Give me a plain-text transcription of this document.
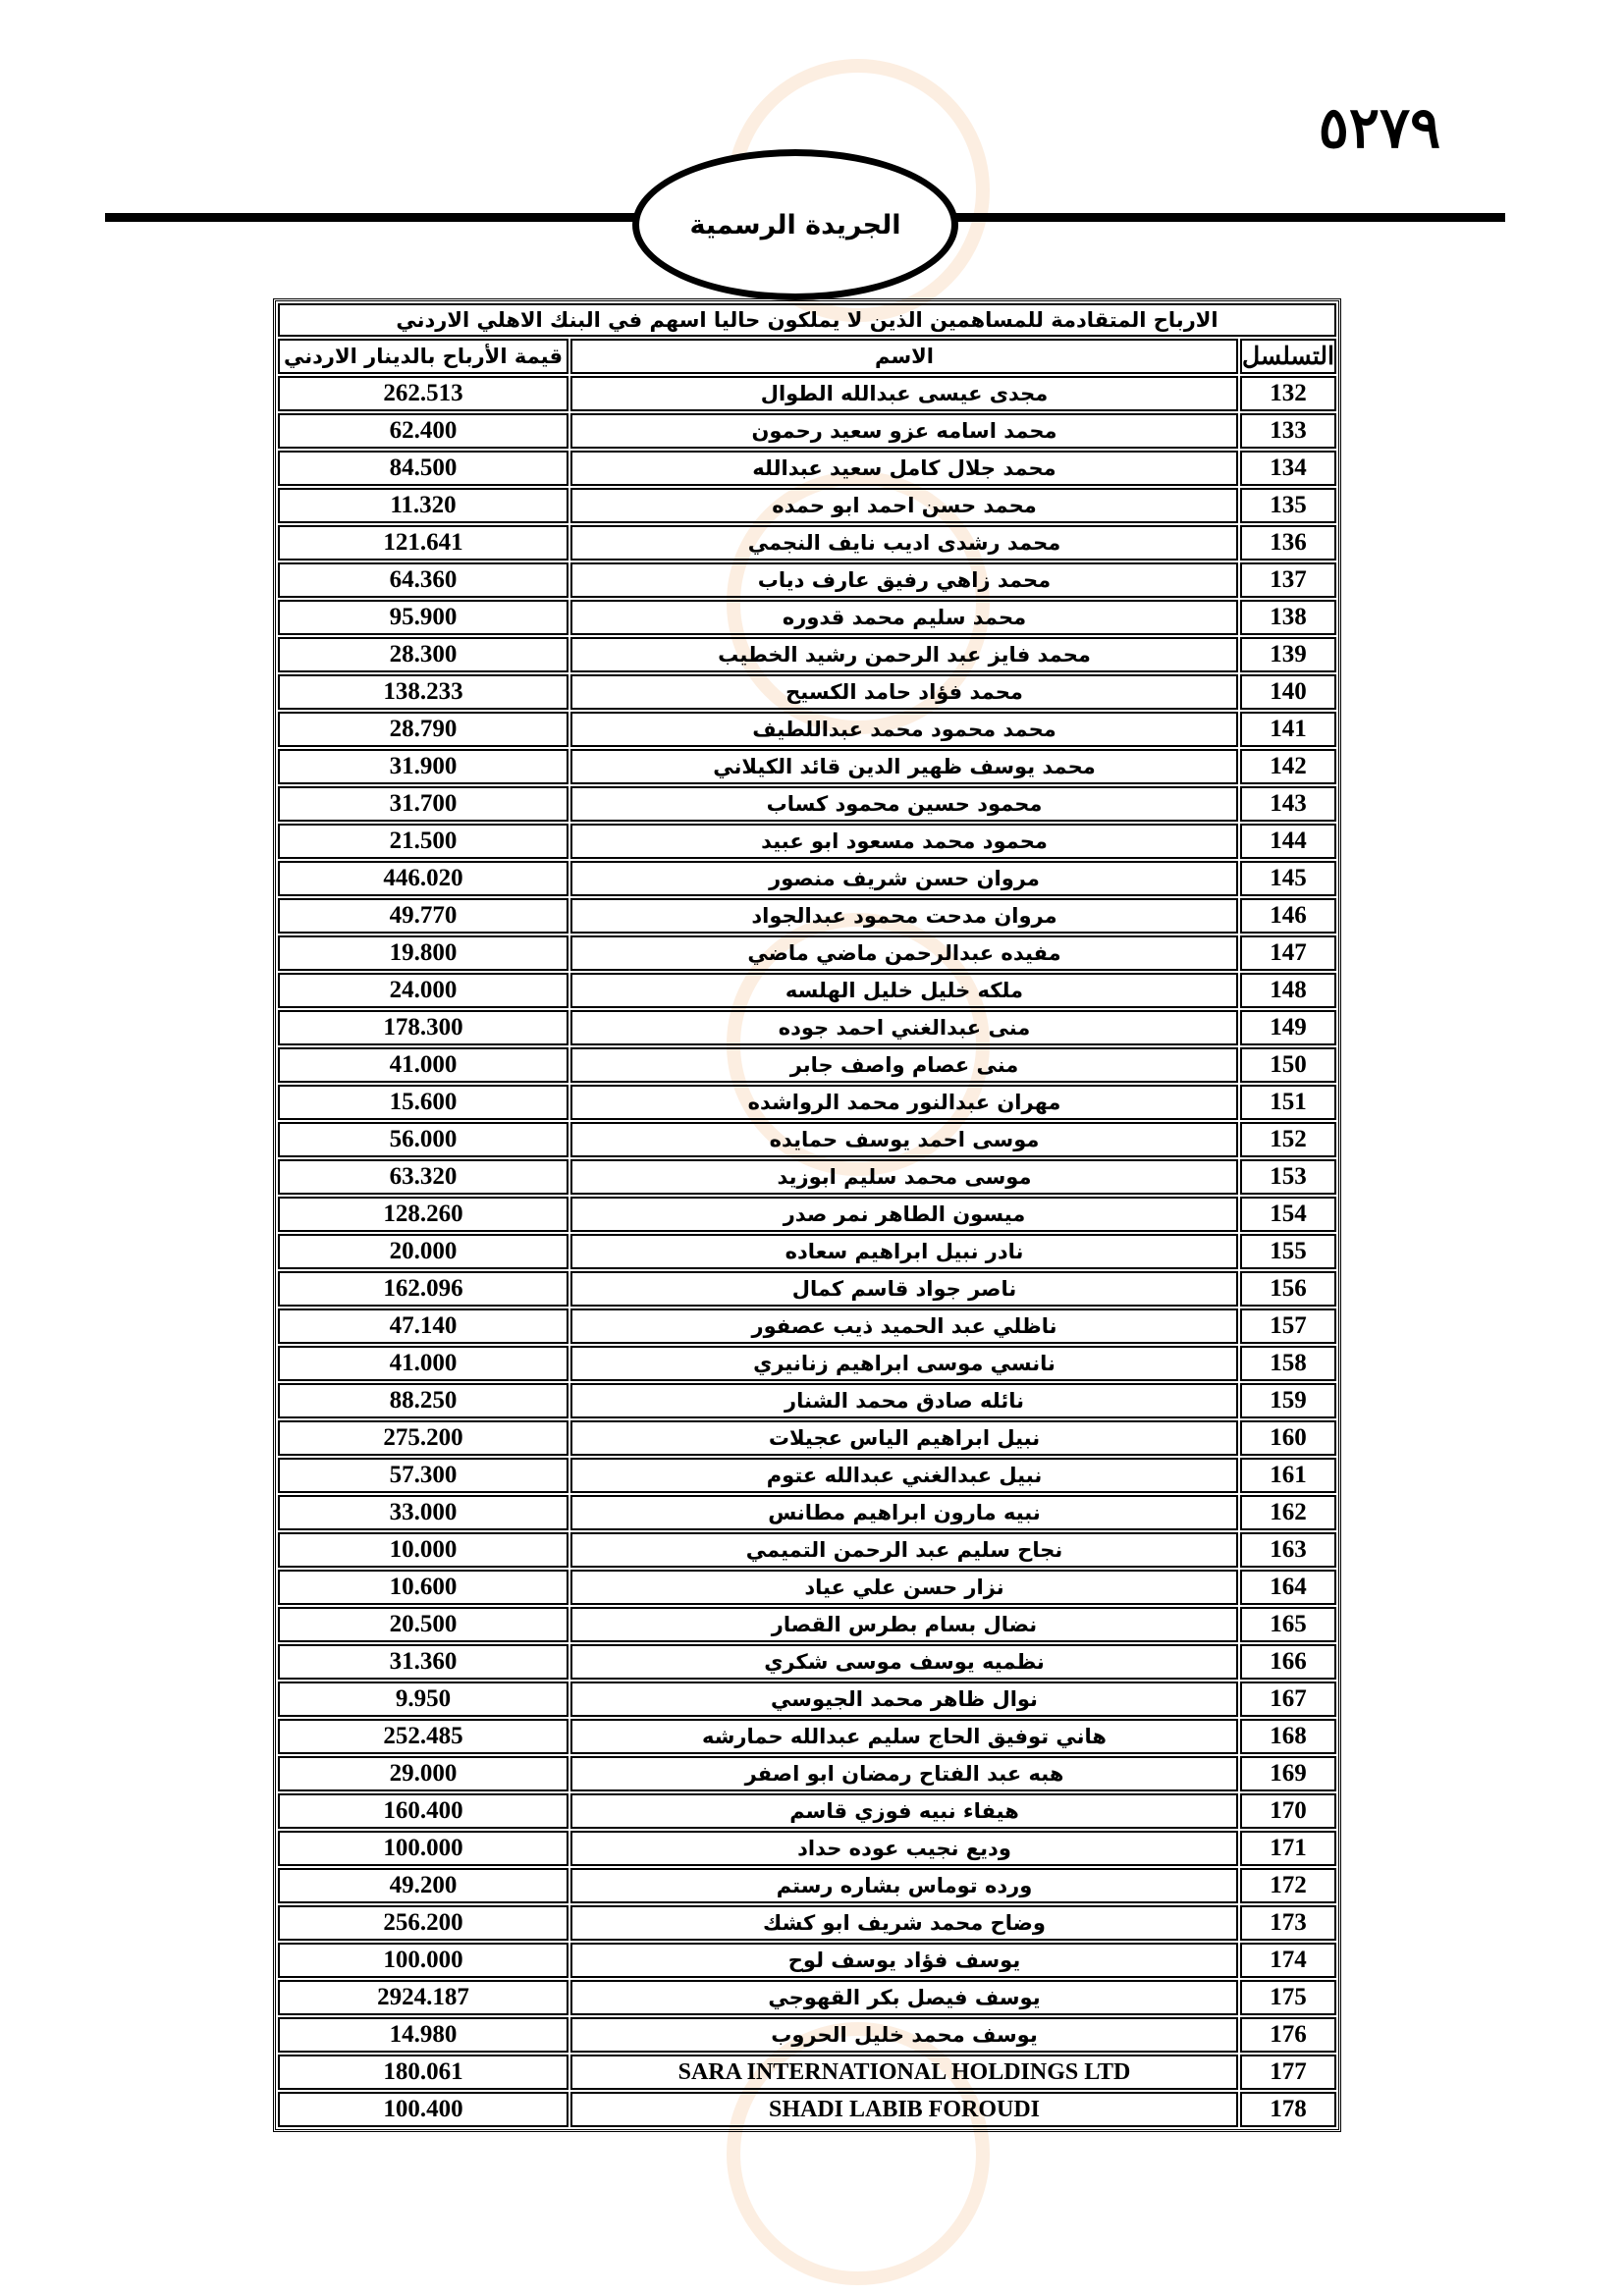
٥٢٧٩
الجريدة الرسمية
الارباح المتقادمة للمساهمين الذين لا يملكون حاليا اسهم في البنك الاهلي الاردني		
التسلسل	الاسم	قيمة الأرباح بالدينار الاردني
132	مجدى عيسى عبدالله الطوال	262.513
133	محمد اسامه عزو سعيد رحمون	62.400
134	محمد جلال كامل سعيد عبدالله	84.500
135	محمد حسن احمد ابو حمده	11.320
136	محمد رشدى اديب نايف النجمي	121.641
137	محمد زاهي رفيق عارف دياب	64.360
138	محمد سليم محمد قدوره	95.900
139	محمد فايز عبد الرحمن رشيد الخطيب	28.300
140	محمد فؤاد حامد الكسيح	138.233
141	محمد محمود محمد عبداللطيف	28.790
142	محمد يوسف ظهير الدين قائد الكيلاني	31.900
143	محمود حسين محمود كساب	31.700
144	محمود محمد مسعود ابو عبيد	21.500
145	مروان حسن شريف منصور	446.020
146	مروان مدحت محمود عبدالجواد	49.770
147	مفيده عبدالرحمن ماضي ماضي	19.800
148	ملكه خليل خليل الهلسه	24.000
149	منى عبدالغني احمد جوده	178.300
150	منى عصام واصف جابر	41.000
151	مهران عبدالنور محمد الرواشده	15.600
152	موسى احمد يوسف حمايده	56.000
153	موسى محمد سليم ابوزيد	63.320
154	ميسون الطاهر نمر صدر	128.260
155	نادر نبيل ابراهيم سعاده	20.000
156	ناصر جواد قاسم كمال	162.096
157	ناظلي عبد الحميد ذيب عصفور	47.140
158	نانسي موسى ابراهيم زنانيري	41.000
159	نائله صادق محمد الشنار	88.250
160	نبيل ابراهيم الياس عجيلات	275.200
161	نبيل عبدالغني عبدالله عتوم	57.300
162	نبيه مارون ابراهيم مطانس	33.000
163	نجاح سليم عبد الرحمن التميمي	10.000
164	نزار حسن علي عياد	10.600
165	نضال بسام بطرس القصار	20.500
166	نظميه يوسف موسى شكري	31.360
167	نوال ظاهر محمد الجيوسي	9.950
168	هاني توفيق الحاج سليم عبدالله حمارشه	252.485
169	هبه عبد الفتاح رمضان ابو اصفر	29.000
170	هيفاء نبيه فوزي قاسم	160.400
171	وديع نجيب عوده حداد	100.000
172	ورده توماس بشاره رستم	49.200
173	وضاح محمد شريف ابو كشك	256.200
174	يوسف فؤاد يوسف لوح	100.000
175	يوسف فيصل بكر القهوجي	2924.187
176	يوسف محمد خليل الحروب	14.980
177	SARA INTERNATIONAL HOLDINGS LTD	180.061
178	SHADI LABIB FOROUDI	100.400
